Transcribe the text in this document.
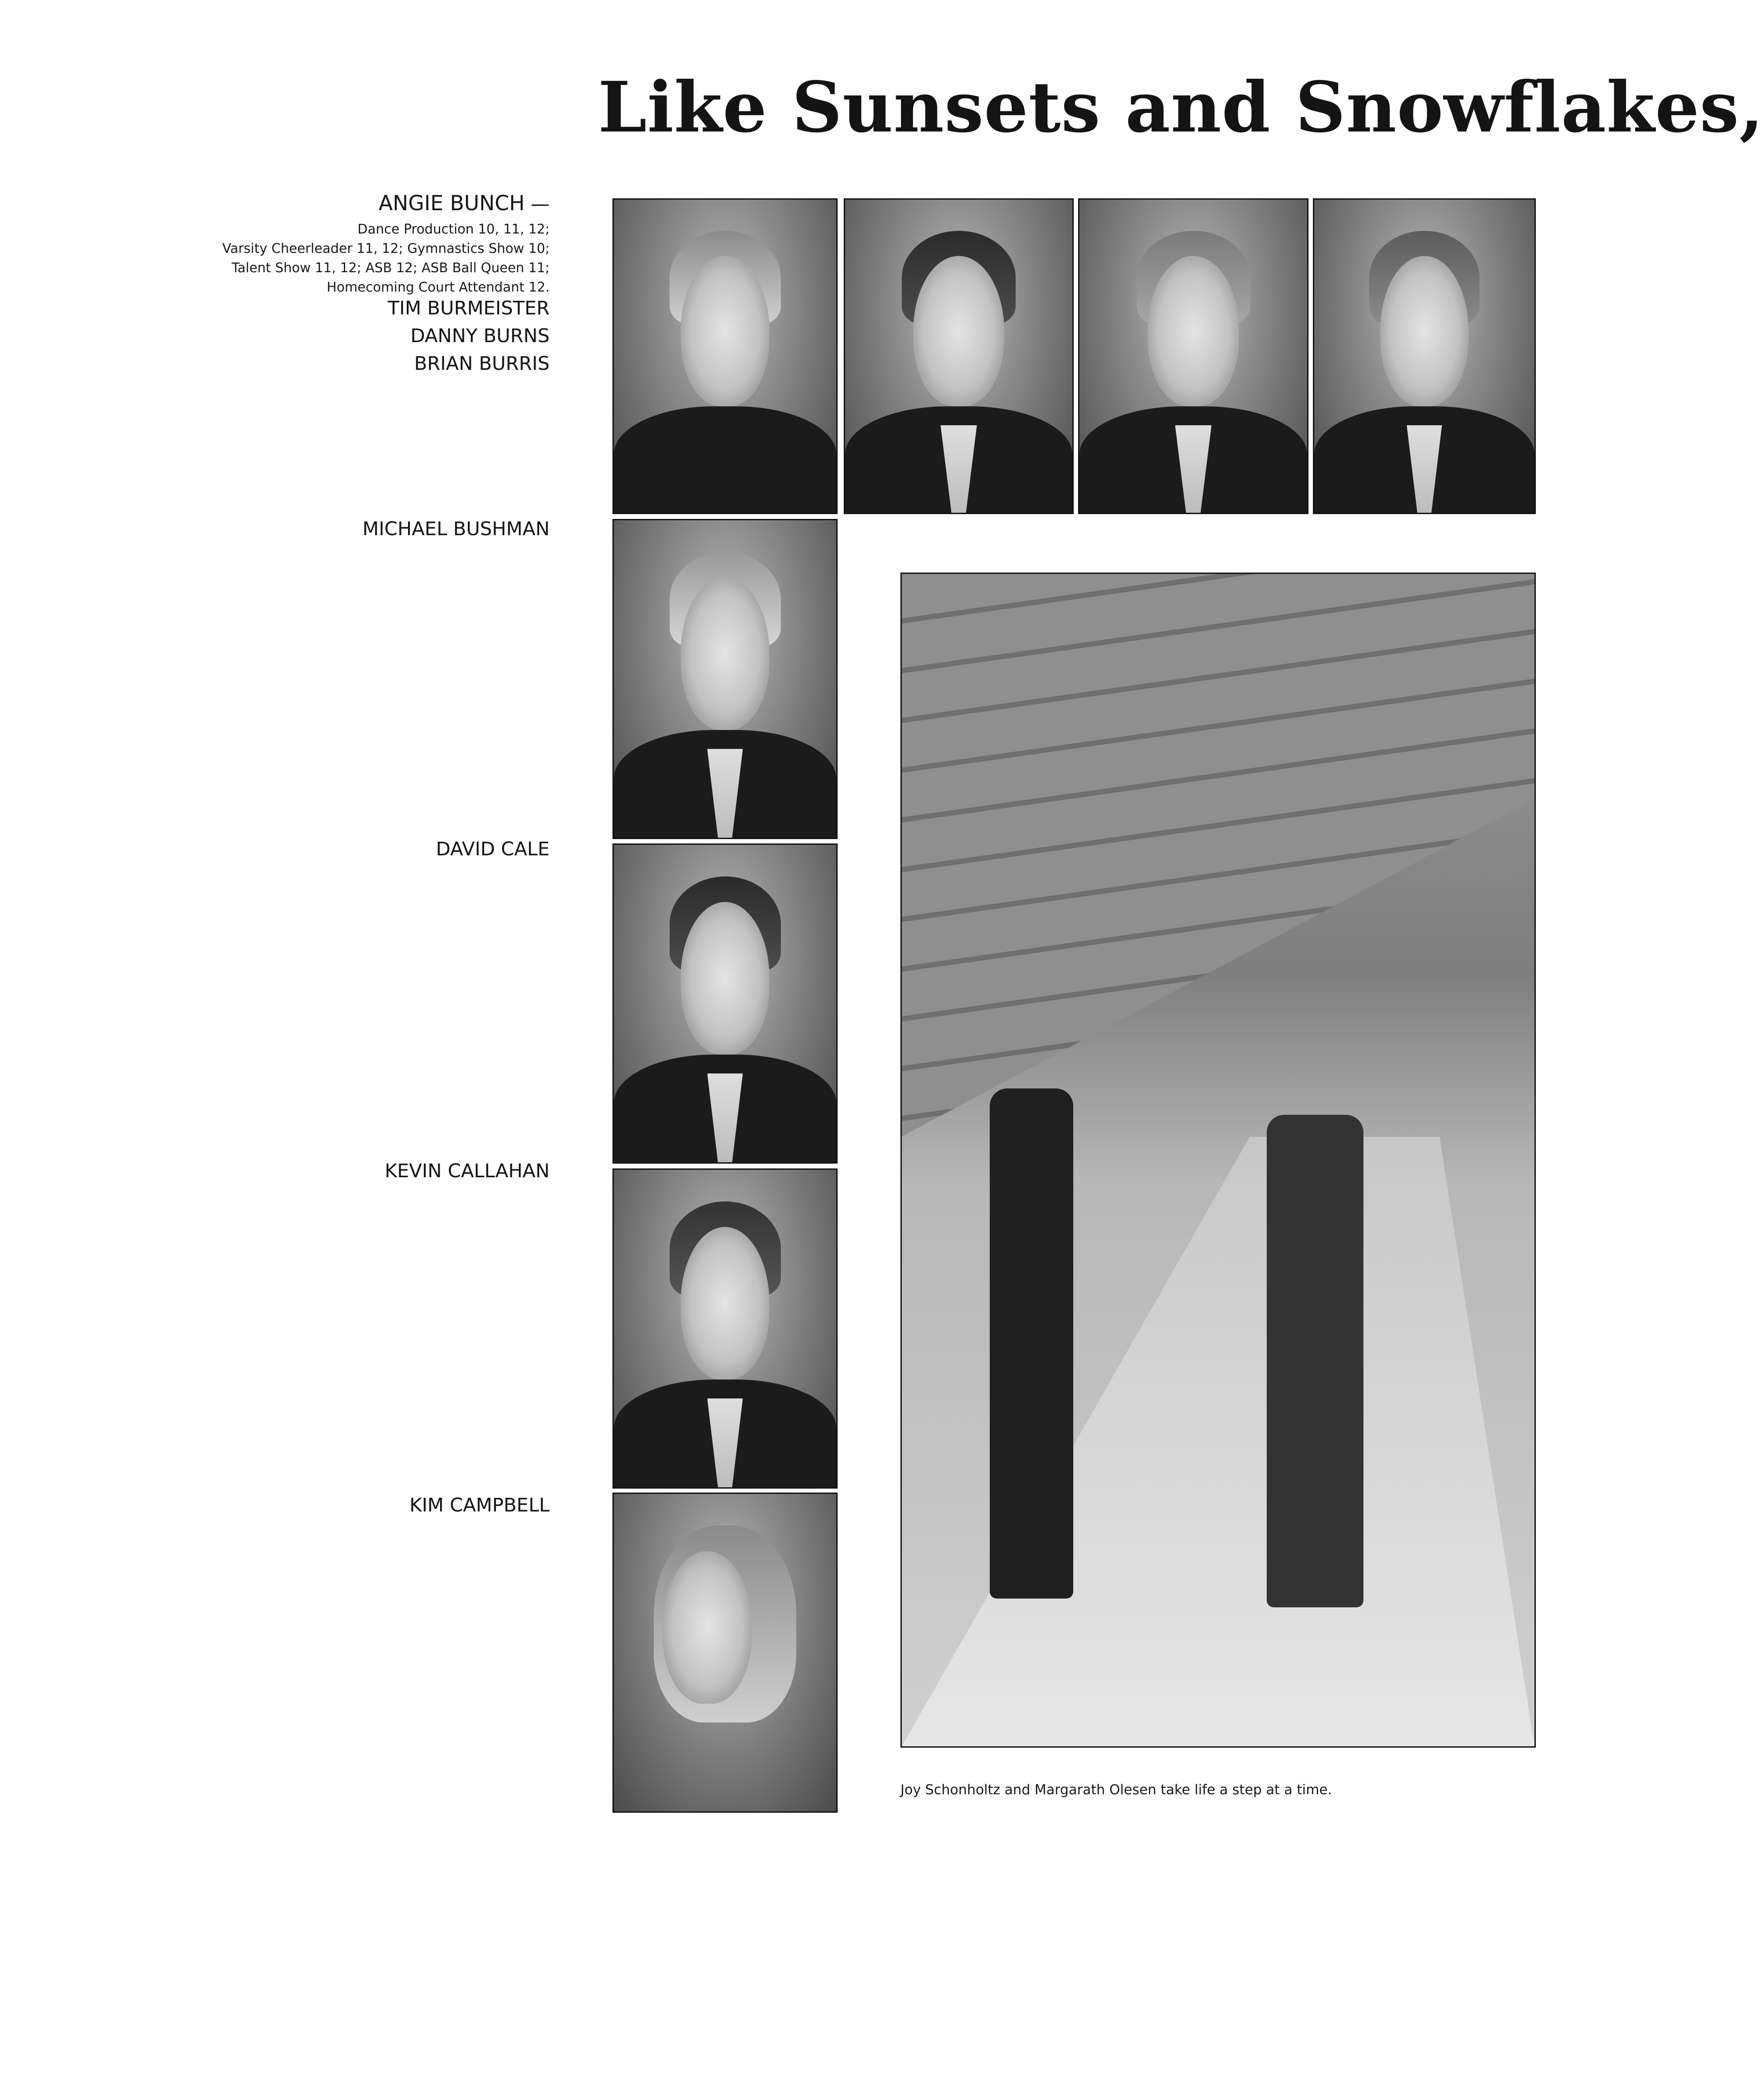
Like Sunsets and Snowflakes,
ANGIE BUNCH —
Dance Production 10, 11, 12;
Varsity Cheerleader 11, 12; Gymnastics Show 10;
Talent Show 11, 12; ASB 12; ASB Ball Queen 11;
Homecoming Court Attendant 12.
TIM BURMEISTER
DANNY BURNS
BRIAN BURRIS
MICHAEL BUSHMAN
DAVID CALE
KEVIN CALLAHAN
KIM CAMPBELL

Joy Schonholtz and Margarath Olesen take life a step at a time.
